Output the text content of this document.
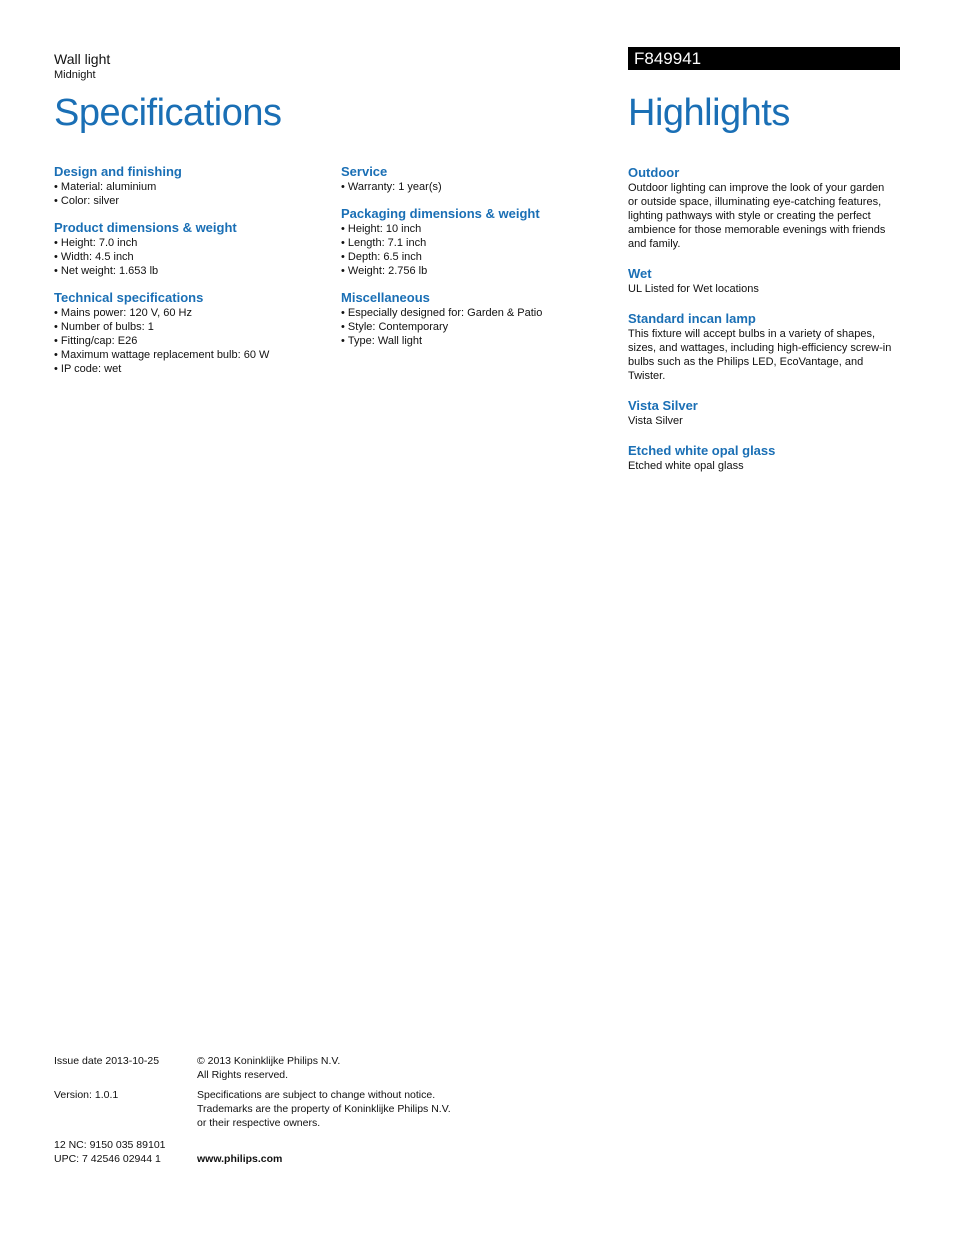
Wall light
Midnight
F849941
Specifications	Highlights
Design and finishing
• Material: aluminium
• Color: silver
Product dimensions & weight
• Height: 7.0 inch
• Width: 4.5 inch
• Net weight: 1.653 lb
Technical specifications
• Mains power: 120 V, 60 Hz
• Number of bulbs: 1
• Fitting/cap: E26
• Maximum wattage replacement bulb: 60 W
• IP code: wet
Service
• Warranty: 1 year(s)
Packaging dimensions & weight
• Height: 10 inch
• Length: 7.1 inch
• Depth: 6.5 inch
• Weight: 2.756 lb
Miscellaneous
• Especially designed for: Garden & Patio
• Style: Contemporary
• Type: Wall light
Outdoor
Outdoor lighting can improve the look of your garden
or outside space, illuminating eye-catching features,
lighting pathways with style or creating the perfect
ambience for those memorable evenings with friends
and family.
Wet
UL Listed for Wet locations
Standard incan lamp
This fixture will accept bulbs in a variety of shapes,
sizes, and wattages, including high-efficiency screw-in
bulbs such as the Philips LED, EcoVantage, and
Twister.
Vista Silver
Vista Silver
Etched white opal glass
Etched white opal glass
Issue date 2013-10-25	© 2013 Koninklijke Philips N.V.
All Rights reserved.
Version: 1.0.1	Specifications are subject to change without notice.
Trademarks are the property of Koninklijke Philips N.V.
or their respective owners.
12 NC: 9150 035 89101
UPC: 7 42546 02944 1	www.philips.com
